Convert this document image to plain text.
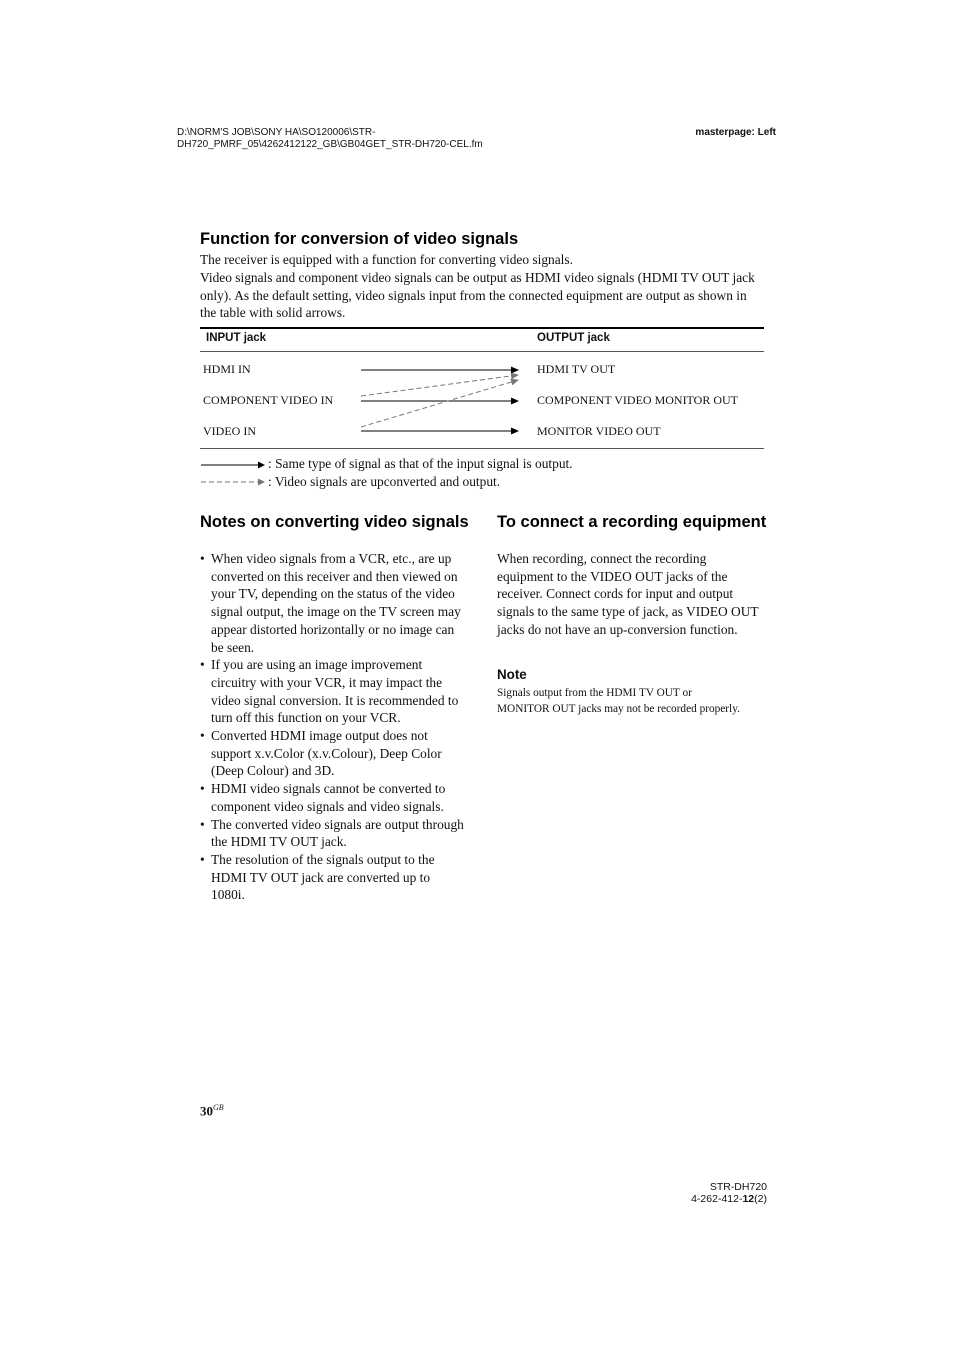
D:\NORM'S JOB\SONY HA\SO120006\STR-DH720_PMRF_05\4262412122_GB\GB04GET_STR-DH720-CEL.fm
masterpage: Left
Function for conversion of video signals

The receiver is equipped with a function for converting video signals.

Video signals and component video signals can be output as HDMI video signals (HDMI TV OUT jack only). As the default setting, video signals input from the connected equipment are output as shown in the table with solid arrows.

INPUT jack	OUTPUT jack
HDMI IN
COMPONENT VIDEO IN
VIDEO IN
HDMI TV OUT
COMPONENT VIDEO MONITOR OUT
MONITOR VIDEO OUT
: Same type of signal as that of the input signal is output.
: Video signals are upconverted and output.
Notes on converting video signals
• When video signals from a VCR, etc., are up converted on this receiver and then viewed on your TV, depending on the status of the video signal output, the image on the TV screen may appear distorted horizontally or no image can be seen.
• If you are using an image improvement circuitry with your VCR, it may impact the video signal conversion. It is recommended to turn off this function on your VCR.
• Converted HDMI image output does not support x.v.Color (x.v.Colour), Deep Color (Deep Colour) and 3D.
• HDMI video signals cannot be converted to component video signals and video signals.
• The converted video signals are output through the HDMI TV OUT jack.
• The resolution of the signals output to the HDMI TV OUT jack are converted up to 1080i.
To connect a recording equipment

When recording, connect the recording equipment to the VIDEO OUT jacks of the receiver. Connect cords for input and output signals to the same type of jack, as VIDEO OUT jacks do not have an up-conversion function.

Note

Signals output from the HDMI TV OUT or MONITOR OUT jacks may not be recorded properly.

$30^{GB}$
STR-DH720
4-262-412-12(2)
